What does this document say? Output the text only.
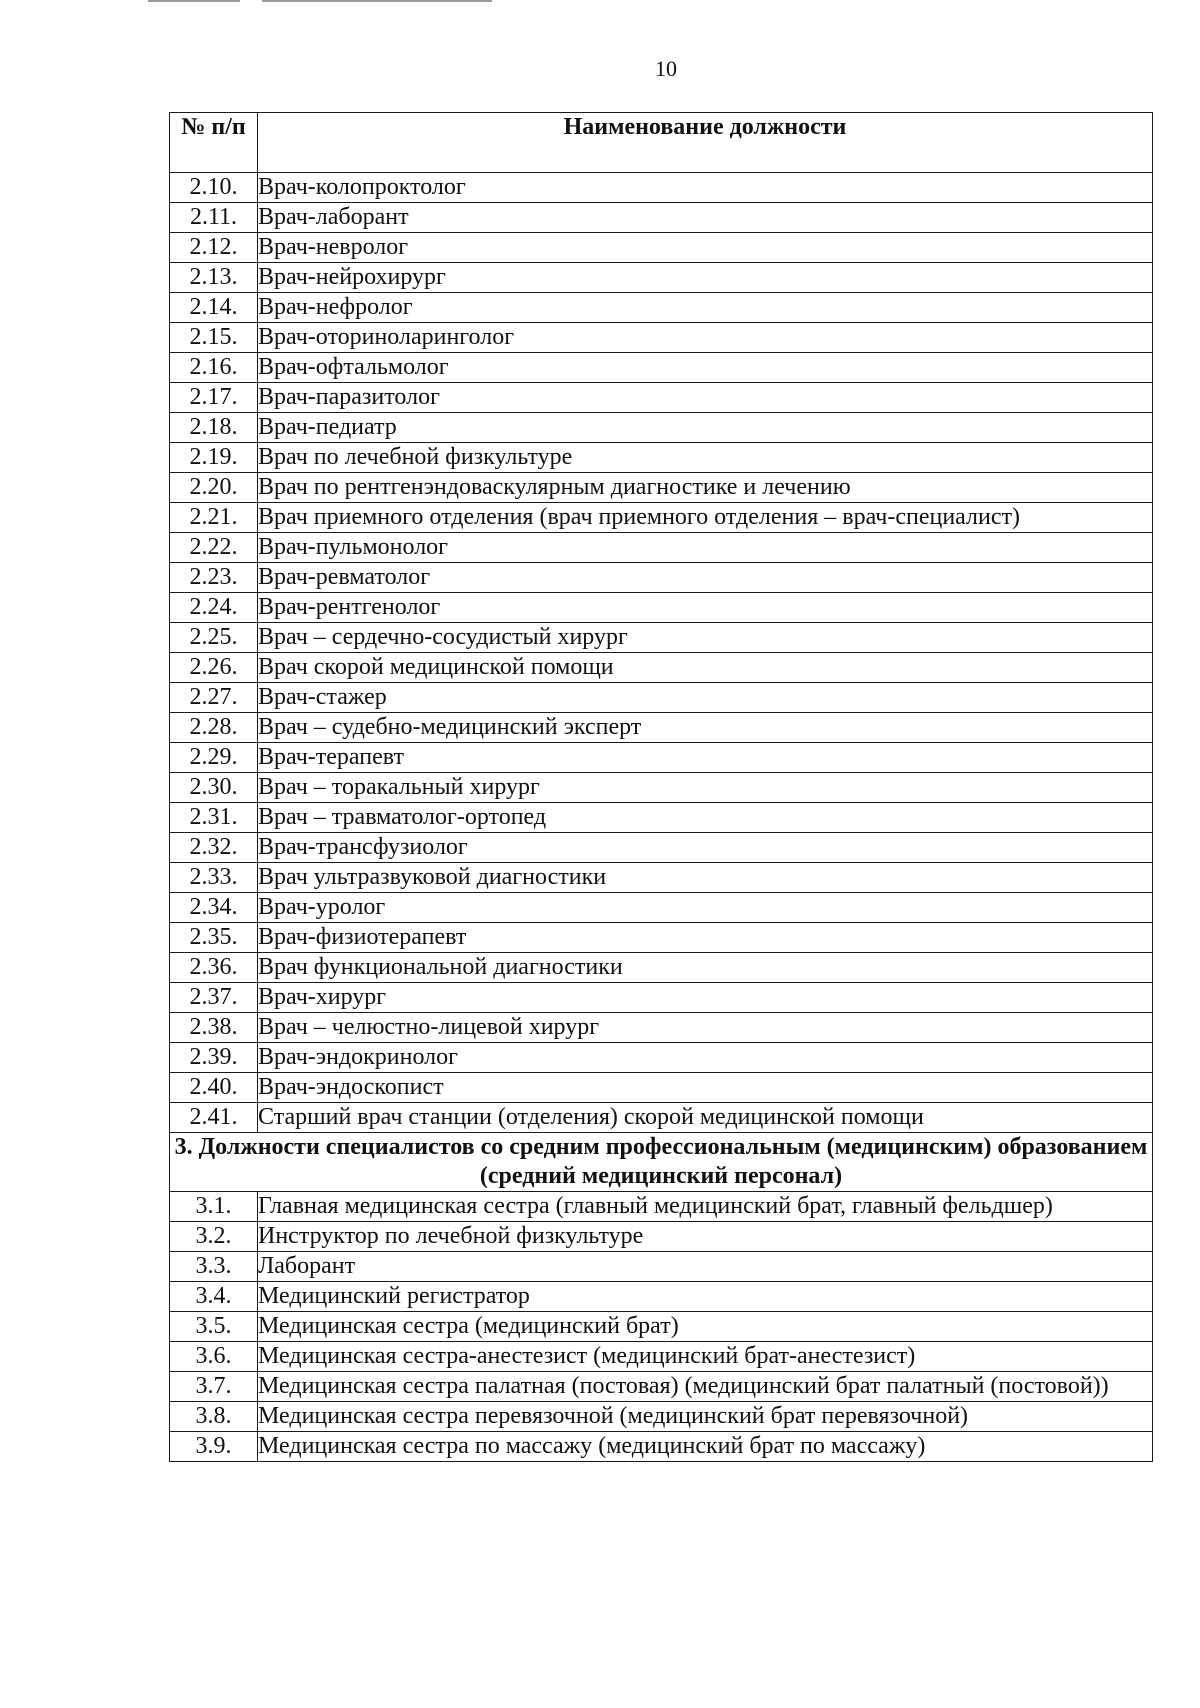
10
№ п/п	Наименование должности
2.10.	Врач-колопроктолог
2.11.	Врач-лаборант
2.12.	Врач-невролог
2.13.	Врач-нейрохирург
2.14.	Врач-нефролог
2.15.	Врач-оториноларинголог
2.16.	Врач-офтальмолог
2.17.	Врач-паразитолог
2.18.	Врач-педиатр
2.19.	Врач по лечебной физкультуре
2.20.	Врач по рентгенэндоваскулярным диагностике и лечению
2.21.	Врач приемного отделения (врач приемного отделения – врач-специалист)
2.22.	Врач-пульмонолог
2.23.	Врач-ревматолог
2.24.	Врач-рентгенолог
2.25.	Врач – сердечно-сосудистый хирург
2.26.	Врач скорой медицинской помощи
2.27.	Врач-стажер
2.28.	Врач – судебно-медицинский эксперт
2.29.	Врач-терапевт
2.30.	Врач – торакальный хирург
2.31.	Врач – травматолог-ортопед
2.32.	Врач-трансфузиолог
2.33.	Врач ультразвуковой диагностики
2.34.	Врач-уролог
2.35.	Врач-физиотерапевт
2.36.	Врач функциональной диагностики
2.37.	Врач-хирург
2.38.	Врач – челюстно-лицевой хирург
2.39.	Врач-эндокринолог
2.40.	Врач-эндоскопист
2.41.	Старший врач станции (отделения) скорой медицинской помощи
3. Должности специалистов со средним профессиональным (медицинским) образованием (средний медицинский персонал)	
3.1.	Главная медицинская сестра (главный медицинский брат, главный фельдшер)
3.2.	Инструктор по лечебной физкультуре
3.3.	Лаборант
3.4.	Медицинский регистратор
3.5.	Медицинская сестра (медицинский брат)
3.6.	Медицинская сестра-анестезист (медицинский брат-анестезист)
3.7.	Медицинская сестра палатная (постовая) (медицинский брат палатный (постовой))
3.8.	Медицинская сестра перевязочной (медицинский брат перевязочной)
3.9.	Медицинская сестра по массажу (медицинский брат по массажу)
